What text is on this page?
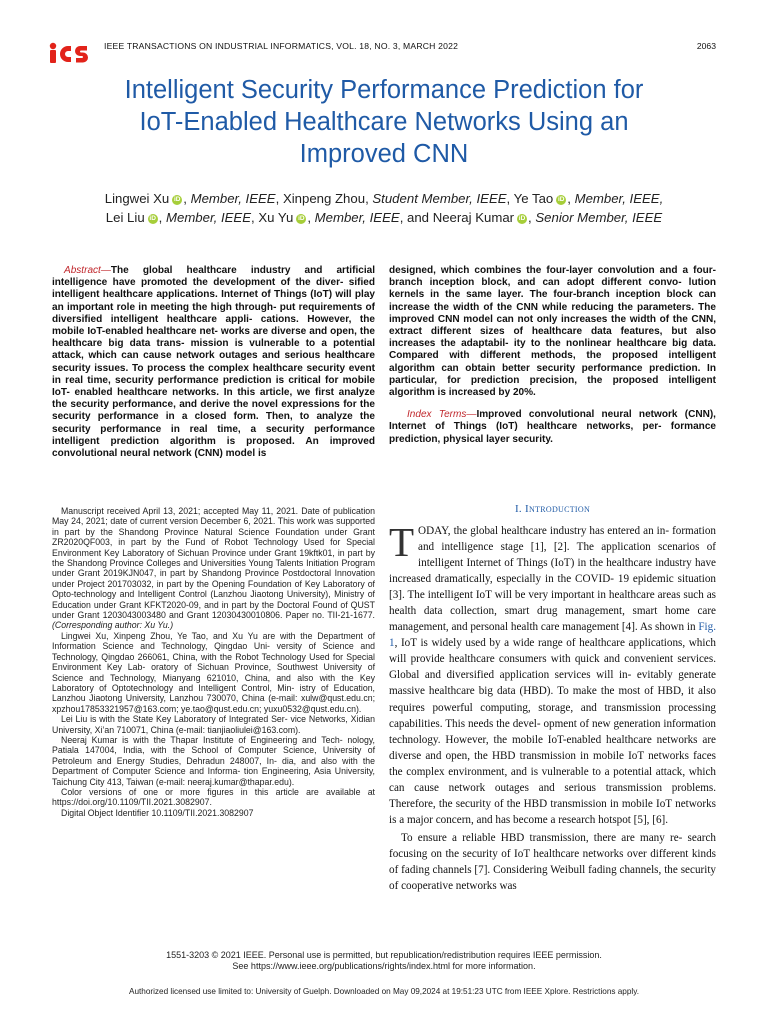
IEEE TRANSACTIONS ON INDUSTRIAL INFORMATICS, VOL. 18, NO. 3, MARCH 2022	2063
Intelligent Security Performance Prediction for
IoT-Enabled Healthcare Networks Using an
Improved CNN
Lingwei Xu iD , Member, IEEE, Xinpeng Zhou, Student Member, IEEE, Ye Tao iD , Member, IEEE,
Lei Liu iD , Member, IEEE, Xu Yu iD , Member, IEEE, and Neeraj Kumar iD , Senior Member, IEEE
Abstract—The global healthcare industry and artificial intelligence have promoted the development of the diver- sified intelligent healthcare applications. Internet of Things (IoT) will play an important role in meeting the high through- put requirements of diversified intelligent healthcare appli- cations. However, the mobile IoT-enabled healthcare net- works are diverse and open, the healthcare big data trans- mission is vulnerable to a potential attack, which can cause network outages and serious healthcare security issues. To process the complex healthcare security event in real time, security performance prediction is critical for mobile IoT- enabled healthcare networks. In this article, we first analyze the security performance, and derive the novel expressions for the security performance in a closed form. Then, to analyze the security performance in real time, a security performance intelligent prediction algorithm is proposed. An improved convolutional neural network (CNN) model is
designed, which combines the four-layer convolution and a four-branch inception block, and can adopt different convo- lution kernels in the same layer. The four-branch inception block can increase the width of the CNN while reducing the parameters. The improved CNN model can not only increases the width of the CNN, extract different sizes of healthcare data features, but also increases the adaptabil- ity to the nonlinear healthcare big data. Compared with different methods, the proposed intelligent algorithm can obtain better security performance prediction. In particular, for prediction precision, the proposed intelligent algorithm is increased by 20%.
Index Terms—Improved convolutional neural network (CNN), Internet of Things (IoT) healthcare networks, per- formance prediction, physical layer security.

Manuscript received April 13, 2021; accepted May 11, 2021. Date of publication May 24, 2021; date of current version December 6, 2021. This work was supported in part by the Shandong Province Natural Science Foundation under Grant ZR2020QF003, in part by the Fund of Robot Technology Used for Special Environment Key Laboratory of Sichuan Province under Grant 19kftk01, in part by the Shandong Province Colleges and Universities Young Talents Initiation Program under Grant 2019KJN047, in part by Shandong Province Postdoctoral Innovation under Project 201703032, in part by the Opening Foundation of Key Laboratory of Opto-technology and Intelligent Control (Lanzhou Jiaotong University), Ministry of Education under Grant KFKT2020-09, and in part by the Doctoral Found of QUST under Grant 1203043003480 and Grant 12030430010806. Paper no. TII-21-1677. (Corresponding author: Xu Yu.)

Lingwei Xu, Xinpeng Zhou, Ye Tao, and Xu Yu are with the Department of Information Science and Technology, Qingdao Uni- versity of Science and Technology, Qingdao 266061, China, with the Robot Technology Used for Special Environment Key Lab- oratory of Sichuan Province, Southwest University of Science and Technology, Mianyang 621010, China, and also with the Key Laboratory of Optotechnology and Intelligent Control, Min- istry of Education, Lanzhou Jiaotong University, Lanzhou 730070, China (e-mail: xulw@qust.edu.cn; xpzhou17853321957@163.com; ye.tao@qust.edu.cn; yuxu0532@qust.edu.cn).

Lei Liu is with the State Key Laboratory of Integrated Ser- vice Networks, Xidian University, Xi’an 710071, China (e-mail: tianjiaoliulei@163.com).

Neeraj Kumar is with the Thapar Institute of Engineering and Tech- nology, Patiala 147004, India, with the School of Computer Science, University of Petroleum and Energy Studies, Dehradun 248007, In- dia, and also with the Department of Computer Science and Informa- tion Engineering, Asia University, Taichung City 413, Taiwan (e-mail: neeraj.kumar@thapar.edu).

Color versions of one or more figures in this article are available at https://doi.org/10.1109/TII.2021.3082907.

Digital Object Identifier 10.1109/TII.2021.3082907

I. Introduction

TODAY, the global healthcare industry has entered an in- formation and intelligence stage [1], [2]. The application scenarios of intelligent Internet of Things (IoT) in the healthcare industry have increased dramatically, especially in the COVID- 19 epidemic situation [3]. The intelligent IoT will be very important in healthcare areas such as health data collection, smart drug management, smart home care management, and personal health care management [4]. As shown in Fig. 1, IoT is widely used by a wide range of healthcare applications, which will provide healthcare consumers with quick and convenient services. Global and diversified application services will in- evitably generate massive healthcare big data (HBD). To make the most of HBD, it also requires powerful computing, storage, and transmission processing capabilities. This needs the devel- opment of new generation information technology. However, the mobile IoT-enabled healthcare networks are diverse and open, the HBD transmission in mobile IoT networks faces the complex environment, and is vulnerable to a potential attack, which can cause network outages and serious transmission problems. Therefore, the security of the HBD transmission in mobile IoT networks is a major concern, and has become a research hotspot [5], [6].

To ensure a reliable HBD transmission, there are many re- search focusing on the security of IoT healthcare networks over different kinds of fading channels [7]. Considering Weibull fading channels, the security of cooperative networks was

1551-3203 © 2021 IEEE. Personal use is permitted, but republication/redistribution requires IEEE permission.
See https://www.ieee.org/publications/rights/index.html for more information.
Authorized licensed use limited to: University of Guelph. Downloaded on May 09,2024 at 19:51:23 UTC from IEEE Xplore. Restrictions apply.
